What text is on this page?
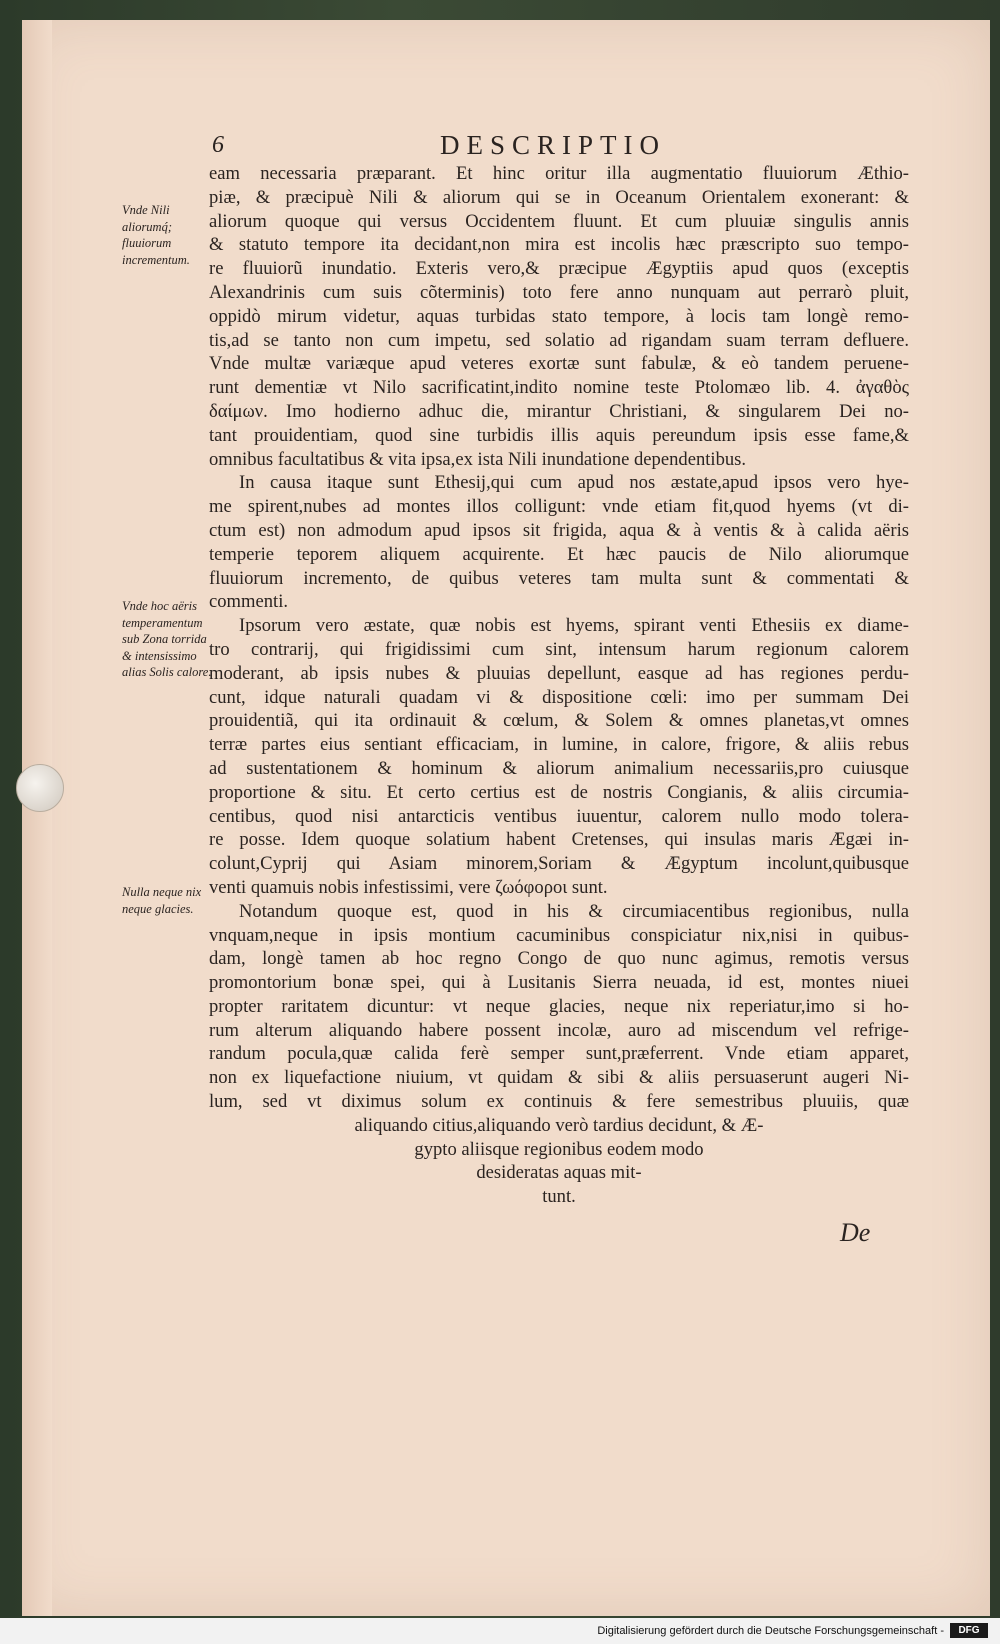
6	DESCRIPTIO
eam necessaria præparant. Et hinc oritur illa augmentatio fluuiorum Æthio-
piæ, & præcipuè Nili & aliorum qui se in Oceanum Orientalem exonerant: &
aliorum quoque qui versus Occidentem fluunt. Et cum pluuiæ singulis annis
& statuto tempore ita decidant,non mira est incolis hæc præscripto suo tempo-
re fluuiorũ inundatio. Exteris vero,& præcipue Ægyptiis apud quos (exceptis
Alexandrinis cum suis cõterminis) toto fere anno nunquam aut perrarò pluit,
oppidò mirum videtur, aquas turbidas stato tempore, à locis tam longè remo-
tis,ad se tanto non cum impetu, sed solatio ad rigandam suam terram defluere.
Vnde multæ variæque apud veteres exortæ sunt fabulæ, & eò tandem peruene-
runt dementiæ vt Nilo sacrificatint,indito nomine teste Ptolomæo lib. 4. ἀγαθὸς
δαίμων. Imo hodierno adhuc die, mirantur Christiani, & singularem Dei no-
tant prouidentiam, quod sine turbidis illis aquis pereundum ipsis esse fame,&
omnibus facultatibus & vita ipsa,ex ista Nili inundatione dependentibus.
In causa itaque sunt Ethesij,qui cum apud nos æstate,apud ipsos vero hye-
me spirent,nubes ad montes illos colligunt: vnde etiam fit,quod hyems (vt di-
ctum est) non admodum apud ipsos sit frigida, aqua & à ventis & à calida aëris
temperie teporem aliquem acquirente. Et hæc paucis de Nilo aliorumque
fluuiorum incremento, de quibus veteres tam multa sunt & commentati &
commenti.
Ipsorum vero æstate, quæ nobis est hyems, spirant venti Ethesiis ex diame-
tro contrarij, qui frigidissimi cum sint, intensum harum regionum calorem
moderant, ab ipsis nubes & pluuias depellunt, easque ad has regiones perdu-
cunt, idque naturali quadam vi & dispositione cœli: imo per summam Dei
prouidentiã, qui ita ordinauit & cœlum, & Solem & omnes planetas,vt omnes
terræ partes eius sentiant efficaciam, in lumine, in calore, frigore, & aliis rebus
ad sustentationem & hominum & aliorum animalium necessariis,pro cuiusque
proportione & situ. Et certo certius est de nostris Congianis, & aliis circumia-
centibus, quod nisi antarcticis ventibus iuuentur, calorem nullo modo tolera-
re posse. Idem quoque solatium habent Cretenses, qui insulas maris Ægæi in-
colunt,Cyprij qui Asiam minorem,Soriam & Ægyptum incolunt,quibusque
venti quamuis nobis infestissimi, vere ζωόφοροι sunt.
Notandum quoque est, quod in his & circumiacentibus regionibus, nulla
vnquam,neque in ipsis montium cacuminibus conspiciatur nix,nisi in quibus-
dam, longè tamen ab hoc regno Congo de quo nunc agimus, remotis versus
promontorium bonæ spei, qui à Lusitanis Sierra neuada, id est, montes niuei
propter raritatem dicuntur: vt neque glacies, neque nix reperiatur,imo si ho-
rum alterum aliquando habere possent incolæ, auro ad miscendum vel refrige-
randum pocula,quæ calida ferè semper sunt,præferrent. Vnde etiam apparet,
non ex liquefactione niuium, vt quidam & sibi & aliis persuaserunt augeri Ni-
lum, sed vt diximus solum ex continuis & fere semestribus pluuiis, quæ
aliquando citius,aliquando verò tardius decidunt, & Æ-
gypto aliisque regionibus eodem modo
desideratas aquas mit-
tunt.
Vnde Nili aliorumq́; fluuiorum incrementum.
Vnde hoc aëris temperamentum sub Zona torrida & intensissimo alias Solis calore.
Nulla neque nix neque glacies.
De
Digitalisierung gefördert durch die Deutsche Forschungsgemeinschaft -	DFG
